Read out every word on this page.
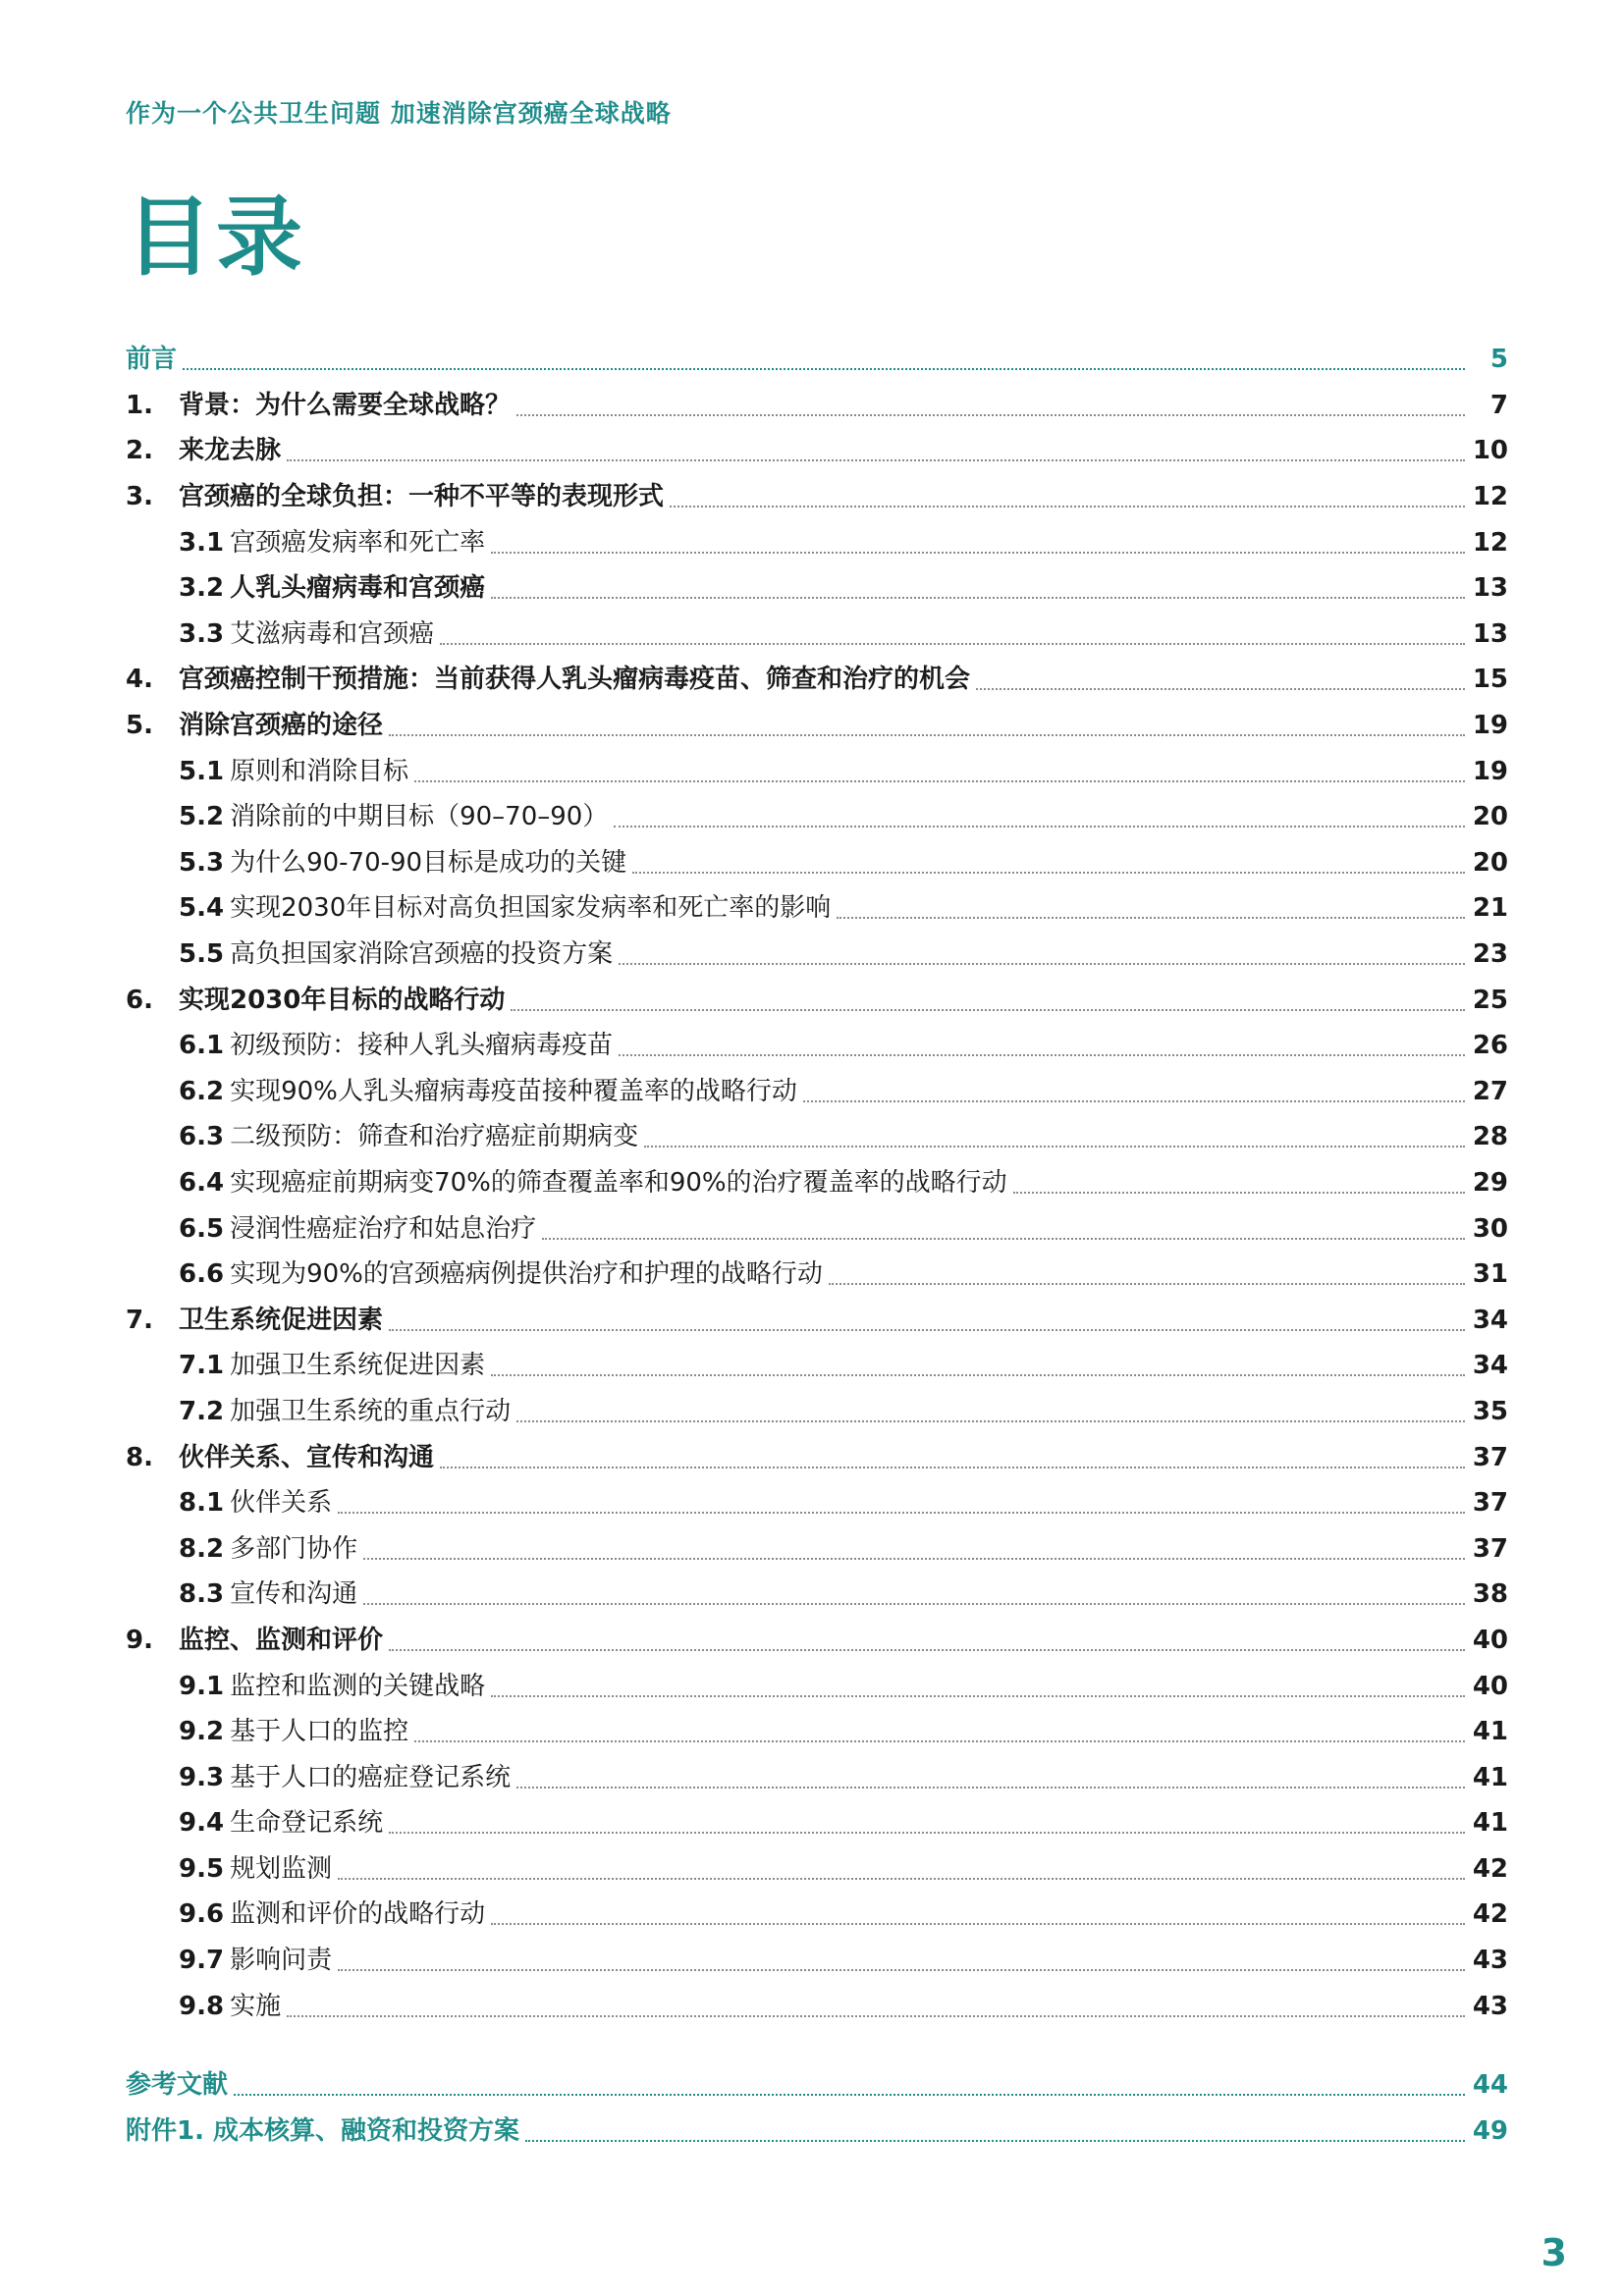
作为一个公共卫生问题 加速消除宫颈癌全球战略
目录
前言	5
1.	背景：为什么需要全球战略？	7
2.	来龙去脉	10
3.	宫颈癌的全球负担：一种不平等的表现形式	12
3.1 宫颈癌发病率和死亡率	12
3.2 人乳头瘤病毒和宫颈癌	13
3.3 艾滋病毒和宫颈癌	13
4.	宫颈癌控制干预措施：当前获得人乳头瘤病毒疫苗、筛查和治疗的机会	15
5.	消除宫颈癌的途径	19
5.1 原则和消除目标	19
5.2 消除前的中期目标（90–70–90）	20
5.3 为什么90-70-90目标是成功的关键	20
5.4 实现2030年目标对高负担国家发病率和死亡率的影响	21
5.5 高负担国家消除宫颈癌的投资方案	23
6.	实现2030年目标的战略行动	25
6.1 初级预防：接种人乳头瘤病毒疫苗	26
6.2 实现90%人乳头瘤病毒疫苗接种覆盖率的战略行动	27
6.3 二级预防：筛查和治疗癌症前期病变	28
6.4 实现癌症前期病变70%的筛查覆盖率和90%的治疗覆盖率的战略行动	29
6.5 浸润性癌症治疗和姑息治疗	30
6.6 实现为90%的宫颈癌病例提供治疗和护理的战略行动	31
7.	卫生系统促进因素	34
7.1 加强卫生系统促进因素	34
7.2 加强卫生系统的重点行动	35
8.	伙伴关系、宣传和沟通	37
8.1 伙伴关系	37
8.2 多部门协作	37
8.3 宣传和沟通	38
9.	监控、监测和评价	40
9.1 监控和监测的关键战略	40
9.2 基于人口的监控	41
9.3 基于人口的癌症登记系统	41
9.4 生命登记系统	41
9.5 规划监测	42
9.6 监测和评价的战略行动	42
9.7 影响问责	43
9.8 实施	43
参考文献	44
附件1. 成本核算、融资和投资方案	49
3
